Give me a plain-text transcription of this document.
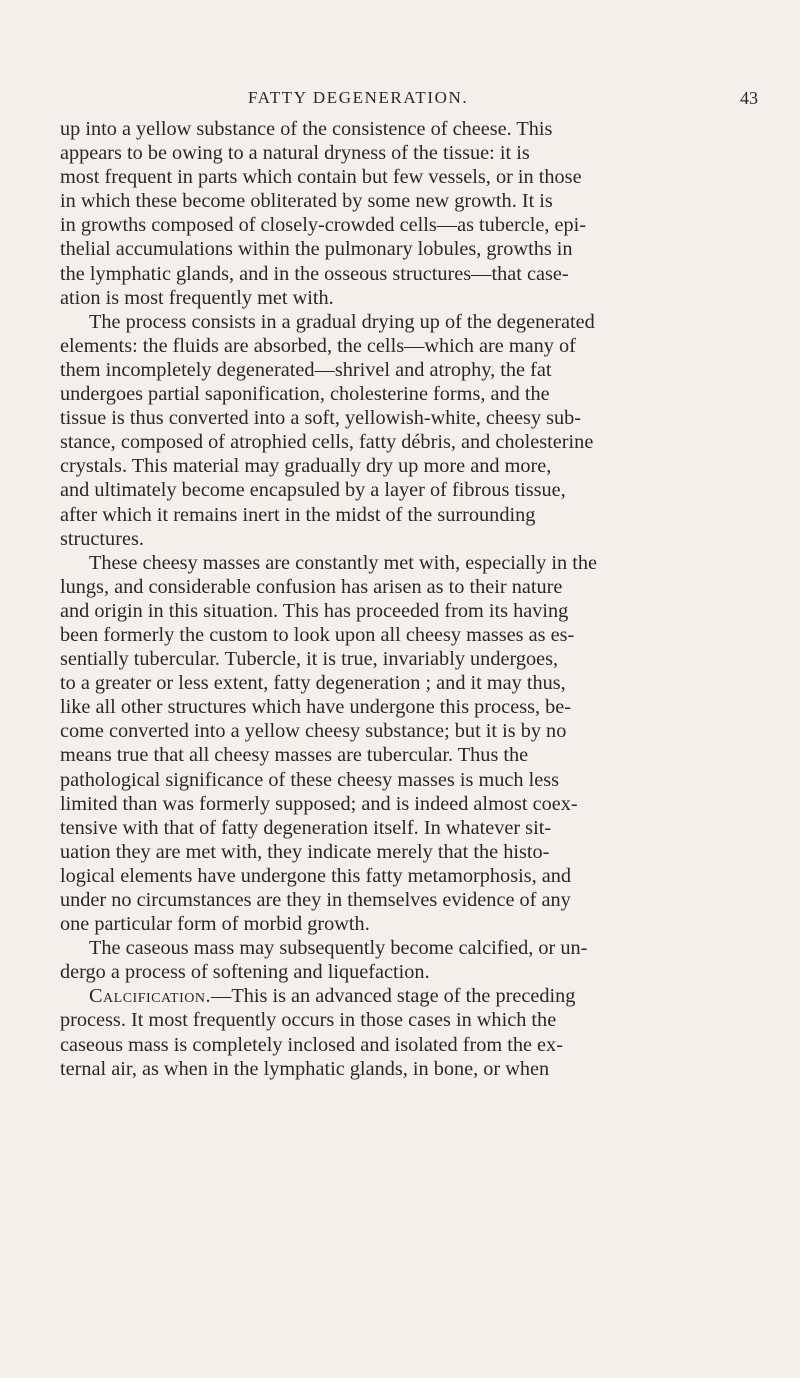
FATTY DEGENERATION.	43
up into a yellow substance of the consistence of cheese. This
appears to be owing to a natural dryness of the tissue: it is
most frequent in parts which contain but few vessels, or in those
in which these become obliterated by some new growth. It is
in growths composed of closely-crowded cells—as tubercle, epi-
thelial accumulations within the pulmonary lobules, growths in
the lymphatic glands, and in the osseous structures—that case-
ation is most frequently met with.
The process consists in a gradual drying up of the degenerated
elements: the fluids are absorbed, the cells—which are many of
them incompletely degenerated—shrivel and atrophy, the fat
undergoes partial saponification, cholesterine forms, and the
tissue is thus converted into a soft, yellowish-white, cheesy sub-
stance, composed of atrophied cells, fatty débris, and cholesterine
crystals. This material may gradually dry up more and more,
and ultimately become encapsuled by a layer of fibrous tissue,
after which it remains inert in the midst of the surrounding
structures.
These cheesy masses are constantly met with, especially in the
lungs, and considerable confusion has arisen as to their nature
and origin in this situation. This has proceeded from its having
been formerly the custom to look upon all cheesy masses as es-
sentially tubercular. Tubercle, it is true, invariably undergoes,
to a greater or less extent, fatty degeneration ; and it may thus,
like all other structures which have undergone this process, be-
come converted into a yellow cheesy substance; but it is by no
means true that all cheesy masses are tubercular. Thus the
pathological significance of these cheesy masses is much less
limited than was formerly supposed; and is indeed almost coex-
tensive with that of fatty degeneration itself. In whatever sit-
uation they are met with, they indicate merely that the histo-
logical elements have undergone this fatty metamorphosis, and
under no circumstances are they in themselves evidence of any
one particular form of morbid growth.
The caseous mass may subsequently become calcified, or un-
dergo a process of softening and liquefaction.
Calcification.—This is an advanced stage of the preceding
process. It most frequently occurs in those cases in which the
caseous mass is completely inclosed and isolated from the ex-
ternal air, as when in the lymphatic glands, in bone, or when
